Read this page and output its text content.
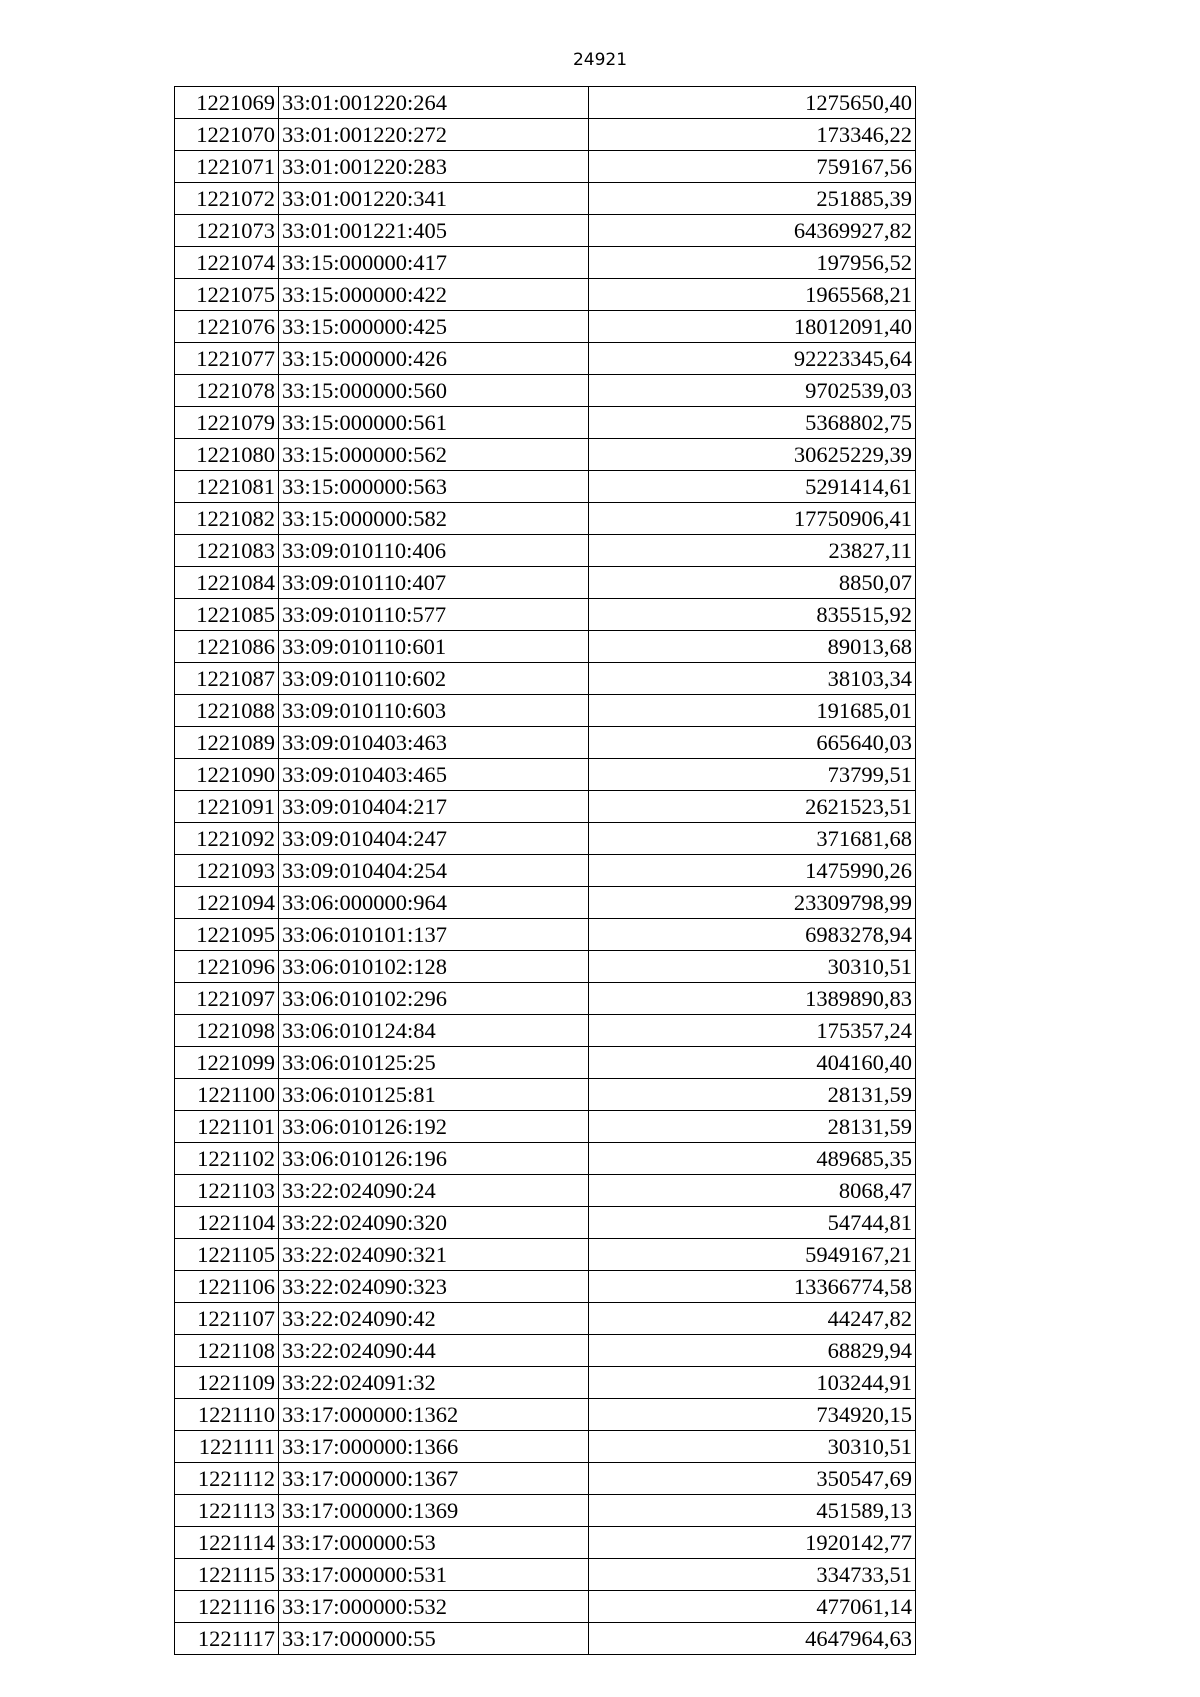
24921
1221069	33:01:001220:264	1275650,40
1221070	33:01:001220:272	173346,22
1221071	33:01:001220:283	759167,56
1221072	33:01:001220:341	251885,39
1221073	33:01:001221:405	64369927,82
1221074	33:15:000000:417	197956,52
1221075	33:15:000000:422	1965568,21
1221076	33:15:000000:425	18012091,40
1221077	33:15:000000:426	92223345,64
1221078	33:15:000000:560	9702539,03
1221079	33:15:000000:561	5368802,75
1221080	33:15:000000:562	30625229,39
1221081	33:15:000000:563	5291414,61
1221082	33:15:000000:582	17750906,41
1221083	33:09:010110:406	23827,11
1221084	33:09:010110:407	8850,07
1221085	33:09:010110:577	835515,92
1221086	33:09:010110:601	89013,68
1221087	33:09:010110:602	38103,34
1221088	33:09:010110:603	191685,01
1221089	33:09:010403:463	665640,03
1221090	33:09:010403:465	73799,51
1221091	33:09:010404:217	2621523,51
1221092	33:09:010404:247	371681,68
1221093	33:09:010404:254	1475990,26
1221094	33:06:000000:964	23309798,99
1221095	33:06:010101:137	6983278,94
1221096	33:06:010102:128	30310,51
1221097	33:06:010102:296	1389890,83
1221098	33:06:010124:84	175357,24
1221099	33:06:010125:25	404160,40
1221100	33:06:010125:81	28131,59
1221101	33:06:010126:192	28131,59
1221102	33:06:010126:196	489685,35
1221103	33:22:024090:24	8068,47
1221104	33:22:024090:320	54744,81
1221105	33:22:024090:321	5949167,21
1221106	33:22:024090:323	13366774,58
1221107	33:22:024090:42	44247,82
1221108	33:22:024090:44	68829,94
1221109	33:22:024091:32	103244,91
1221110	33:17:000000:1362	734920,15
1221111	33:17:000000:1366	30310,51
1221112	33:17:000000:1367	350547,69
1221113	33:17:000000:1369	451589,13
1221114	33:17:000000:53	1920142,77
1221115	33:17:000000:531	334733,51
1221116	33:17:000000:532	477061,14
1221117	33:17:000000:55	4647964,63
